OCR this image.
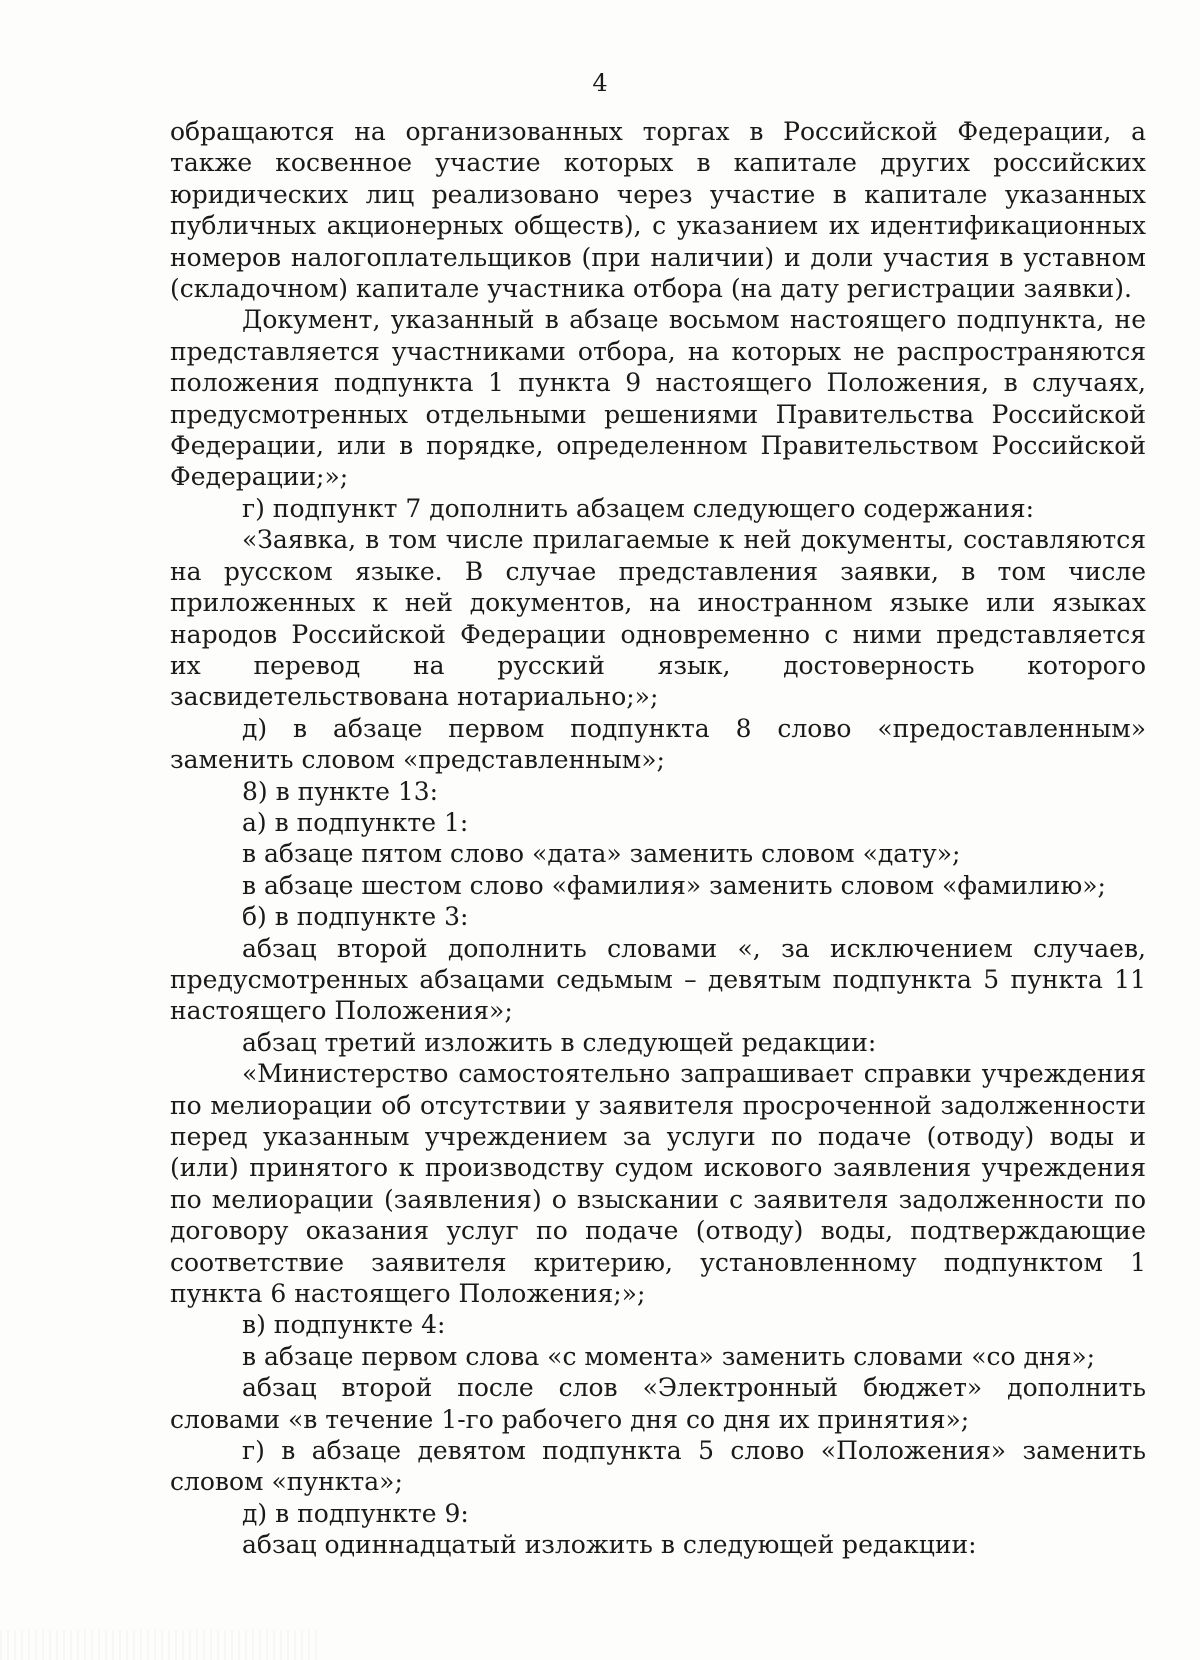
4

обращаются на организованных торгах в Российской Федерации, а также косвенное участие которых в капитале других российских юридических лиц реализовано через участие в капитале указанных публичных акционерных обществ), с указанием их идентификационных номеров налогоплательщиков (при наличии) и доли участия в уставном (складочном) капитале участника отбора (на дату регистрации заявки).

Документ, указанный в абзаце восьмом настоящего подпункта, не представляется участниками отбора, на которых не распространяются положения подпункта 1 пункта 9 настоящего Положения, в случаях, предусмотренных отдельными решениями Правительства Российской Федерации, или в порядке, определенном Правительством Российской Федерации;»;

г) подпункт 7 дополнить абзацем следующего содержания:

«Заявка, в том числе прилагаемые к ней документы, составляются на русском языке. В случае представления заявки, в том числе приложенных к ней документов, на иностранном языке или языках народов Российской Федерации одновременно с ними представляется их перевод на русский язык, достоверность которого засвидетельствована нотариально;»;

д) в абзаце первом подпункта 8 слово «предоставленным» заменить словом «представленным»;

8) в пункте 13:

а) в подпункте 1:

в абзаце пятом слово «дата» заменить словом «дату»;

в абзаце шестом слово «фамилия» заменить словом «фамилию»;

б) в подпункте 3:

абзац второй дополнить словами «, за исключением случаев, предусмотренных абзацами седьмым – девятым подпункта 5 пункта 11 настоящего Положения»;

абзац третий изложить в следующей редакции:

«Министерство самостоятельно запрашивает справки учреждения по мелиорации об отсутствии у заявителя просроченной задолженности перед указанным учреждением за услуги по подаче (отводу) воды и (или) принятого к производству судом искового заявления учреждения по мелиорации (заявления) о взыскании с заявителя задолженности по договору оказания услуг по подаче (отводу) воды, подтверждающие соответствие заявителя критерию, установленному подпунктом 1 пункта 6 настоящего Положения;»;

в) подпункте 4:

в абзаце первом слова «с момента» заменить словами «со дня»;

абзац второй после слов «Электронный бюджет» дополнить словами «в течение 1-го рабочего дня со дня их принятия»;

г) в абзаце девятом подпункта 5 слово «Положения» заменить словом «пункта»;

д) в подпункте 9:

абзац одиннадцатый изложить в следующей редакции:
